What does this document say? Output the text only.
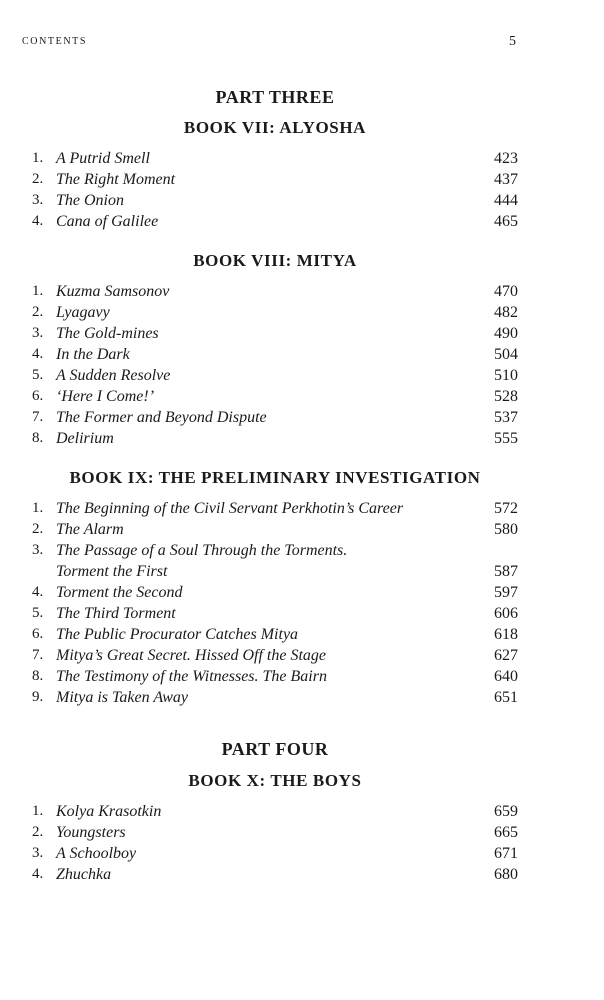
CONTENTS	5
PART THREE
BOOK VII: ALYOSHA
1. A Putrid Smell	423
2. The Right Moment	437
3. The Onion	444
4. Cana of Galilee	465
BOOK VIII: MITYA
1. Kuzma Samsonov	470
2. Lyagavy	482
3. The Gold-mines	490
4. In the Dark	504
5. A Sudden Resolve	510
6. ‘Here I Come!’	528
7. The Former and Beyond Dispute	537
8. Delirium	555
BOOK IX: THE PRELIMINARY INVESTIGATION
1. The Beginning of the Civil Servant Perkhotin’s Career	572
2. The Alarm	580
3. The Passage of a Soul Through the Torments.
Torment the First	587
4. Torment the Second	597
5. The Third Torment	606
6. The Public Procurator Catches Mitya	618
7. Mitya’s Great Secret. Hissed Off the Stage	627
8. The Testimony of the Witnesses. The Bairn	640
9. Mitya is Taken Away	651
PART FOUR
BOOK X: THE BOYS
1. Kolya Krasotkin	659
2. Youngsters	665
3. A Schoolboy	671
4. Zhuchka	680
